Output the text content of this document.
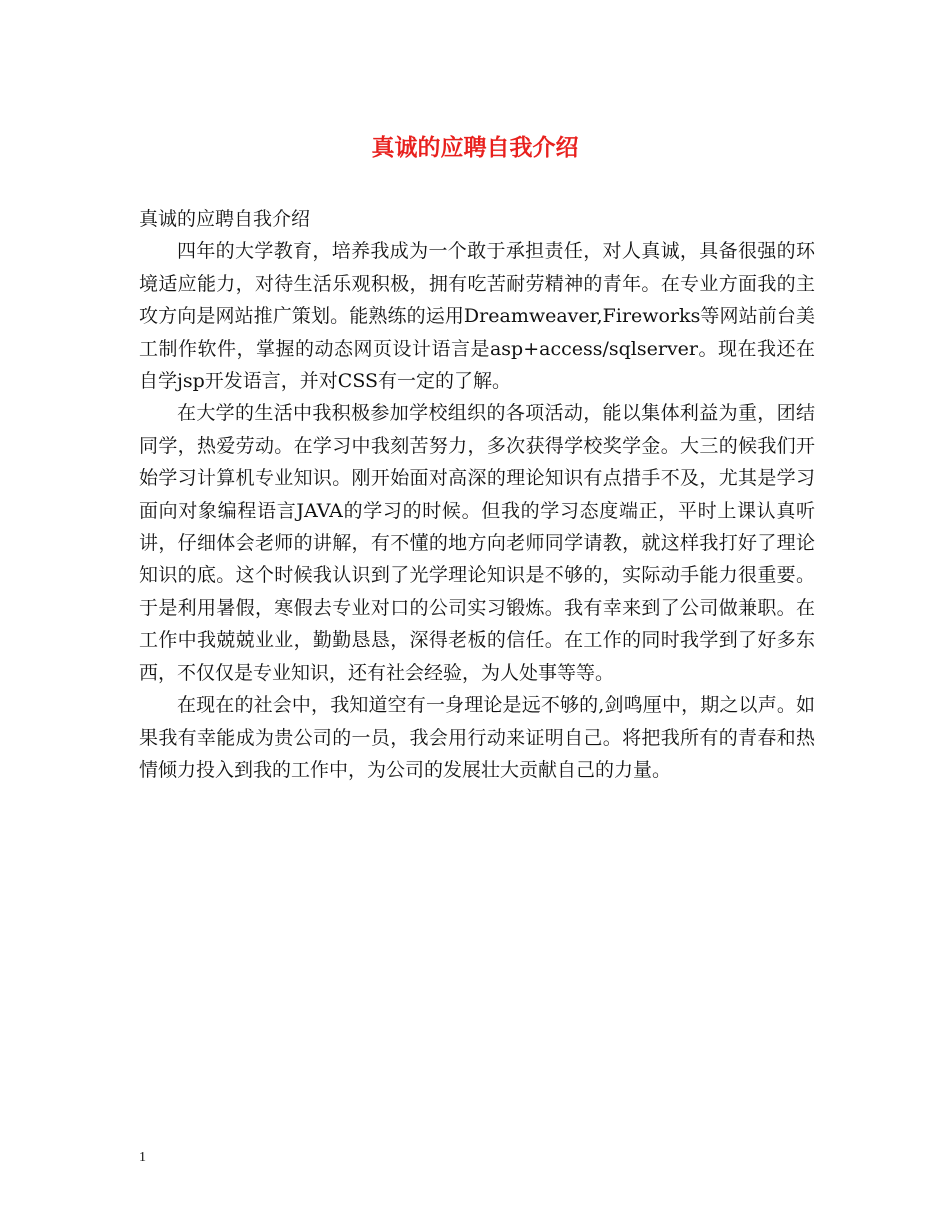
真诚的应聘自我介绍

真诚的应聘自我介绍

四年的大学教育，培养我成为一个敢于承担责任，对人真诚，具备很强的环境适应能力，对待生活乐观积极，拥有吃苦耐劳精神的青年。在专业方面我的主攻方向是网站推广策划。能熟练的运用Dreamweaver,Fireworks等网站前台美工制作软件，掌握的动态网页设计语言是asp+access/sqlserver。现在我还在自学jsp开发语言，并对CSS有一定的了解。

在大学的生活中我积极参加学校组织的各项活动，能以集体利益为重，团结同学，热爱劳动。在学习中我刻苦努力，多次获得学校奖学金。大三的候我们开始学习计算机专业知识。刚开始面对高深的理论知识有点措手不及，尤其是学习面向对象编程语言JAVA的学习的时候。但我的学习态度端正，平时上课认真听讲，仔细体会老师的讲解，有不懂的地方向老师同学请教，就这样我打好了理论知识的底。这个时候我认识到了光学理论知识是不够的，实际动手能力很重要。于是利用暑假，寒假去专业对口的公司实习锻炼。我有幸来到了公司做兼职。在工作中我兢兢业业，勤勤恳恳，深得老板的信任。在工作的同时我学到了好多东西，不仅仅是专业知识，还有社会经验，为人处事等等。

在现在的社会中，我知道空有一身理论是远不够的,剑鸣厘中，期之以声。如果我有幸能成为贵公司的一员，我会用行动来证明自己。将把我所有的青春和热情倾力投入到我的工作中，为公司的发展壮大贡献自己的力量。

1
